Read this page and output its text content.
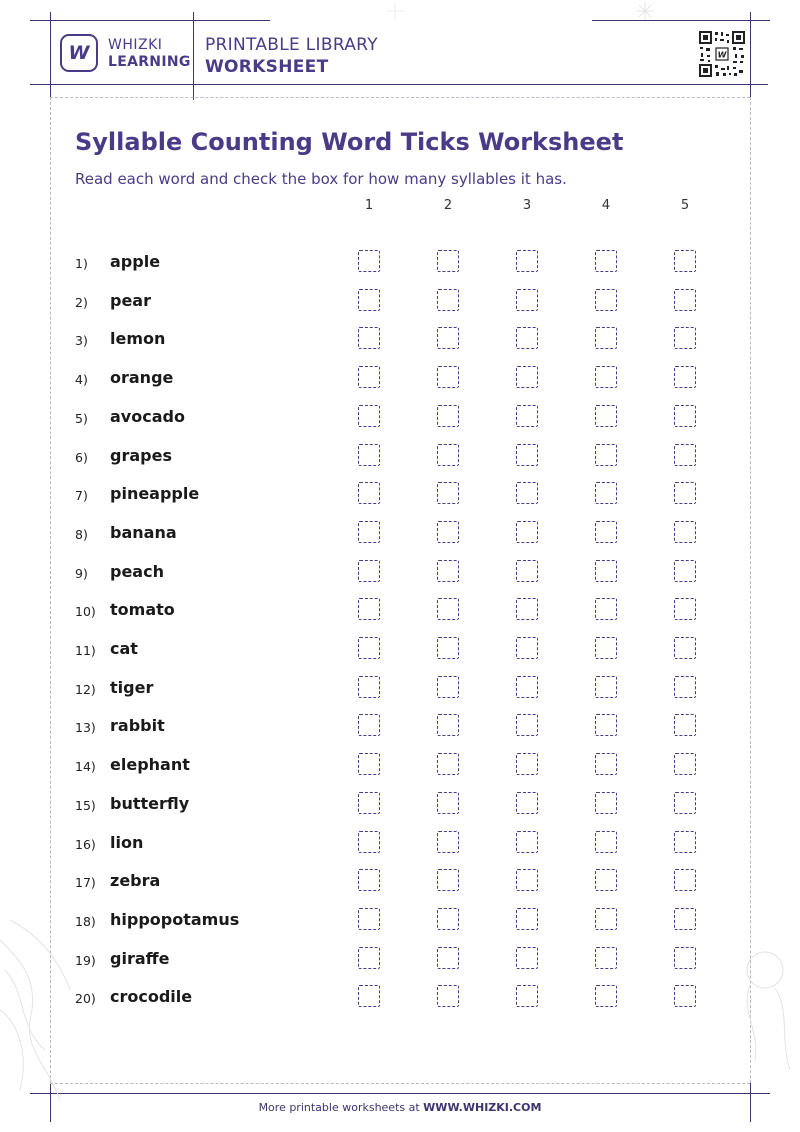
W WHIZKI
LEARNING
PRINTABLE LIBRARY
WORKSHEET
W
Syllable Counting Word Ticks Worksheet

Read each word and check the box for how many syllables it has.

1	2	3	4	5
1) apple
2) pear
3) lemon
4) orange
5) avocado
6) grapes
7) pineapple
8) banana
9) peach
10) tomato
11) cat
12) tiger
13) rabbit
14) elephant
15) butterfly
16) lion
17) zebra
18) hippopotamus
19) giraffe
20) crocodile
More printable worksheets at WWW.WHIZKI.COM
